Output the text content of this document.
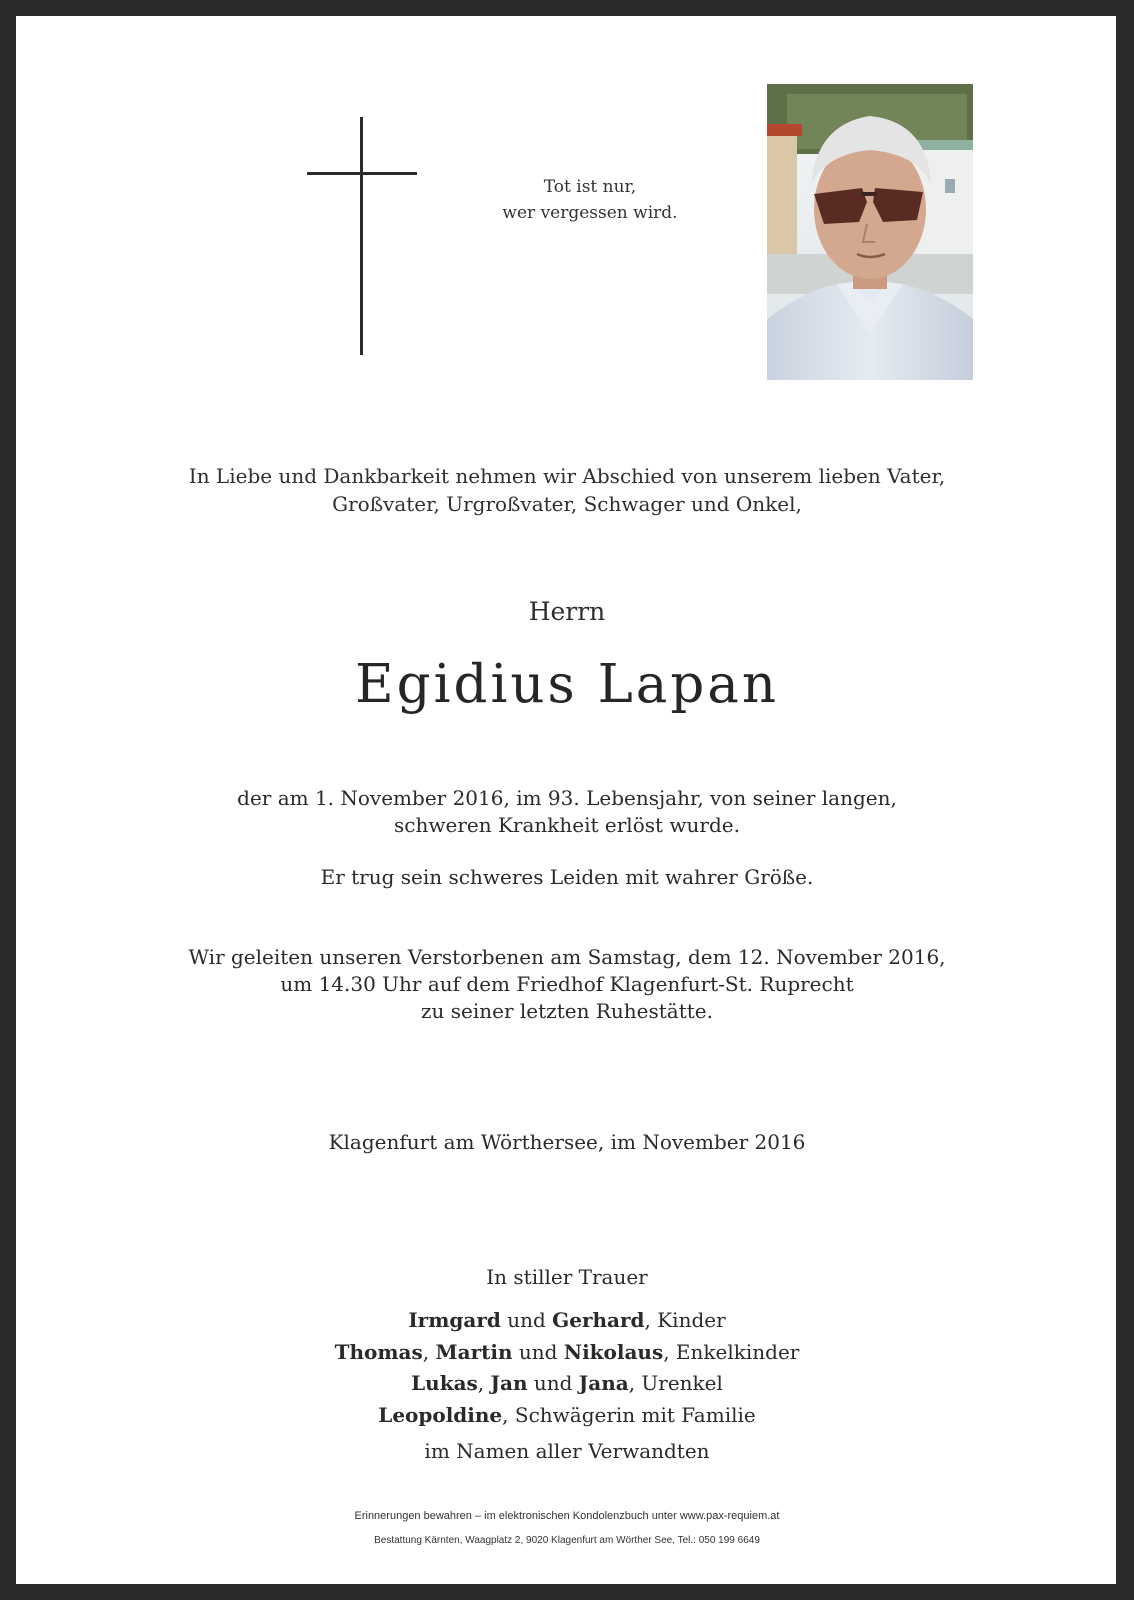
Tot ist nur,
wer vergessen wird.
In Liebe und Dankbarkeit nehmen wir Abschied von unserem lieben Vater,
Großvater, Urgroßvater, Schwager und Onkel,
Herrn
Egidius Lapan
der am 1. November 2016, im 93. Lebensjahr, von seiner langen,
schweren Krankheit erlöst wurde.
Er trug sein schweres Leiden mit wahrer Größe.
Wir geleiten unseren Verstorbenen am Samstag, dem 12. November 2016,
um 14.30 Uhr auf dem Friedhof Klagenfurt-St. Ruprecht
zu seiner letzten Ruhestätte.
Klagenfurt am Wörthersee, im November 2016
In stiller Trauer
Irmgard und Gerhard, Kinder
Thomas, Martin und Nikolaus, Enkelkinder
Lukas, Jan und Jana, Urenkel
Leopoldine, Schwägerin mit Familie
im Namen aller Verwandten
Erinnerungen bewahren – im elektronischen Kondolenzbuch unter www.pax-requiem.at
Bestattung Kärnten, Waagplatz 2, 9020 Klagenfurt am Wörther See, Tel.: 050 199 6649
